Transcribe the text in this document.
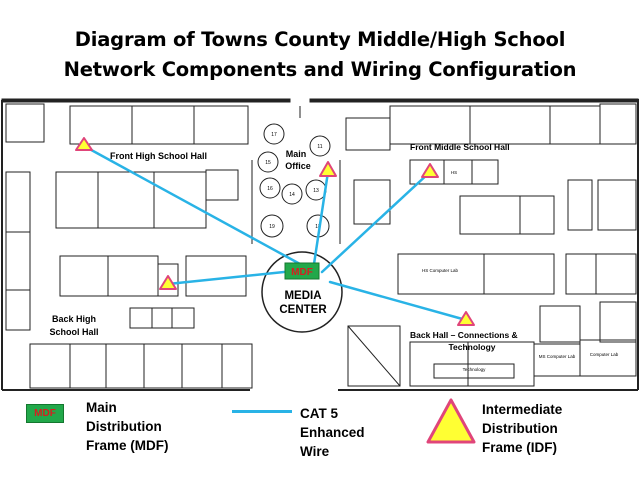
Diagram of Towns County Middle/High School
Network Components and Wiring Configuration
17
11
15
16
14
13
19	18
MDF
Front High School Hall	Main
Office
Front Middle School Hall
Back High
School Hall
MEDIA
CENTER
Back Hall – Connections &
Technology
HS Computer Lab
MS Computer Lab	Computer Lab
Technology
HS
MDF	Main
Distribution
Frame (MDF)
CAT 5
Enhanced
Wire
Intermediate
Distribution
Frame (IDF)
